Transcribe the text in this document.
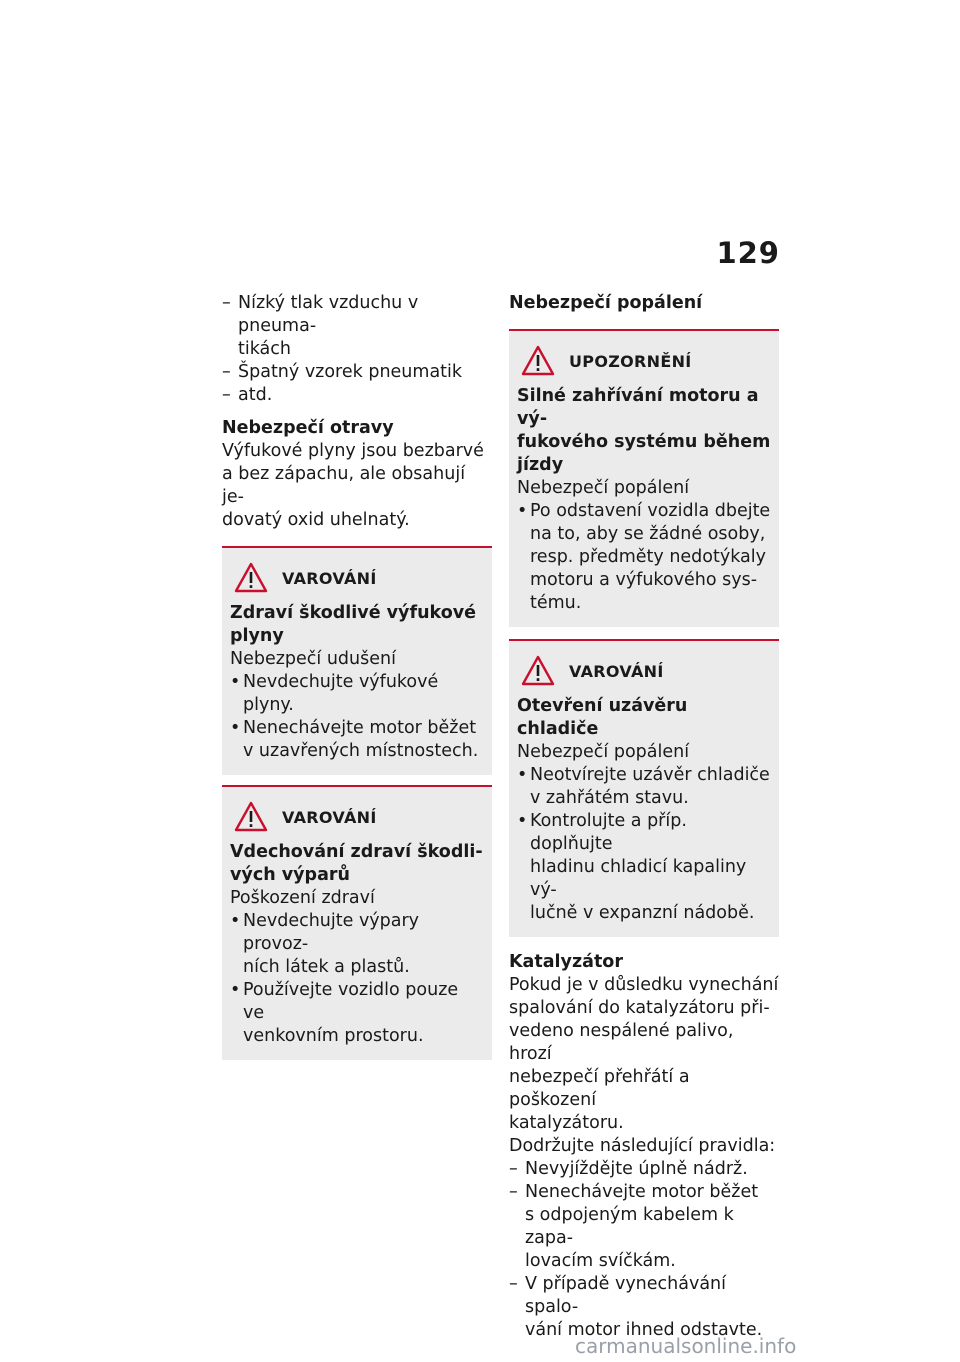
129
– Nízký tlak vzduchu v pneuma-
tikách
– Špatný vzorek pneumatik
– atd.
Nebezpečí otravy
Výfukové plyny jsou bezbarvé
a bez zápachu, ale obsahují je-
dovatý oxid uhelnatý.
VAROVÁNÍ
Zdraví škodlivé výfukové
plyny
Nebezpečí udušení
• Nevdechujte výfukové plyny.
• Nenechávejte motor běžet
v uzavřených místnostech.
VAROVÁNÍ
Vdechování zdraví škodli-
vých výparů
Poškození zdraví
• Nevdechujte výpary provoz-
ních látek a plastů.
• Používejte vozidlo pouze ve
venkovním prostoru.
Nebezpečí popálení
UPOZORNĚNÍ
Silné zahřívání motoru a vý-
fukového systému během
jízdy
Nebezpečí popálení
• Po odstavení vozidla dbejte
na to, aby se žádné osoby,
resp. předměty nedotýkaly
motoru a výfukového sys-
tému.
VAROVÁNÍ
Otevření uzávěru chladiče
Nebezpečí popálení
• Neotvírejte uzávěr chladiče
v zahřátém stavu.
• Kontrolujte a příp. doplňujte
hladinu chladicí kapaliny vý-
lučně v expanzní nádobě.
Katalyzátor
Pokud je v důsledku vynechání
spalování do katalyzátoru při-
vedeno nespálené palivo, hrozí
nebezpečí přehřátí a poškození
katalyzátoru.
Dodržujte následující pravidla:
– Nevyjíždějte úplně nádrž.
– Nenechávejte motor běžet
s odpojeným kabelem k zapa-
lovacím svíčkám.
– V případě vynechávání spalo-
vání motor ihned odstavte.
carmanualsonline.info
